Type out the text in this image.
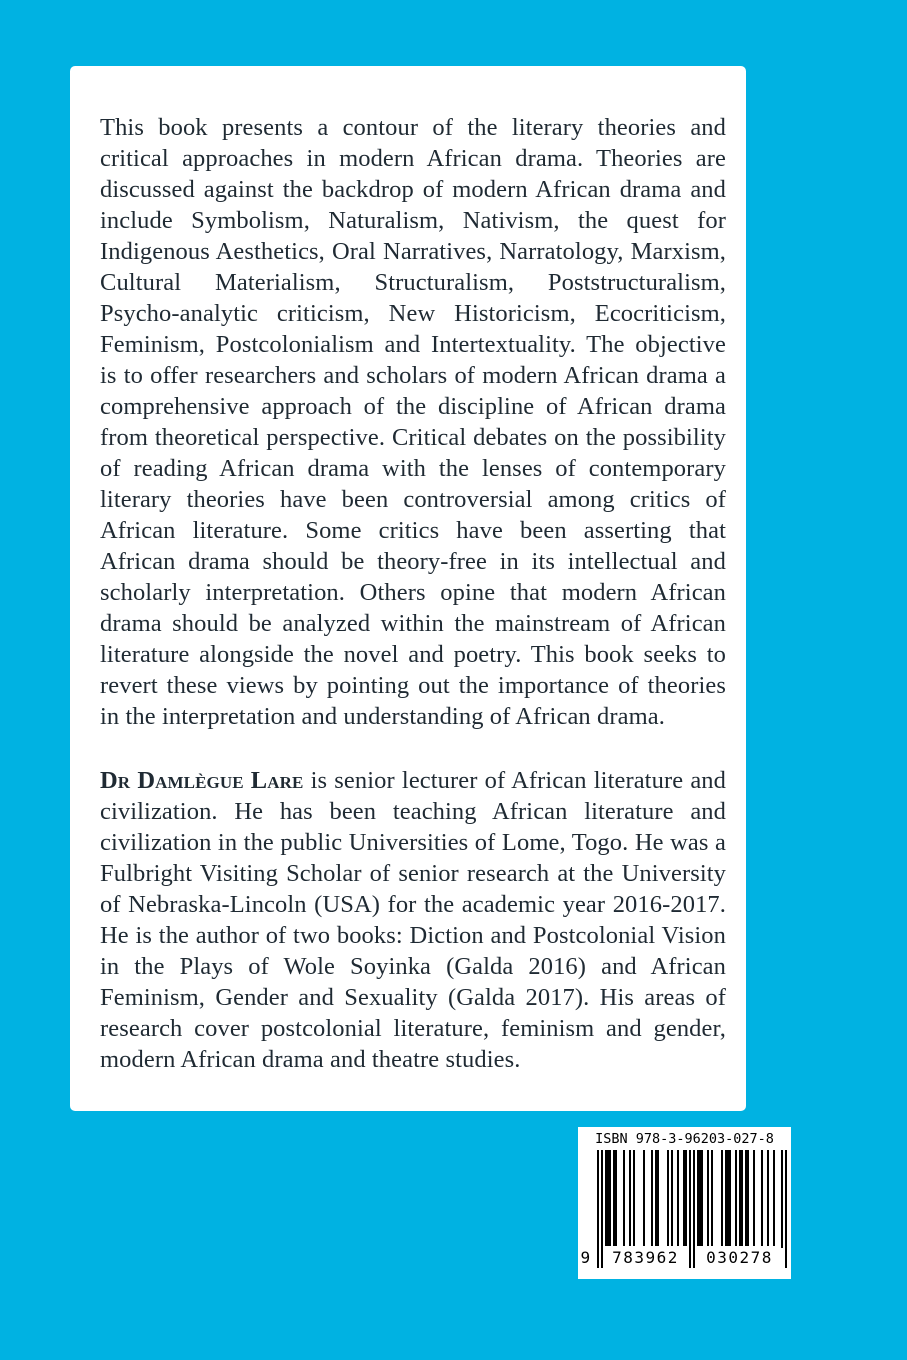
This book presents a contour of the literary theories and critical approaches in modern African drama. Theories are discussed against the backdrop of modern African drama and include Symbolism, Naturalism, Nativism, the quest for Indigenous Aesthetics, Oral Narratives, Narratology, Marxism, Cultural Materialism, Structuralism, Poststructuralism, Psycho-analytic criticism, New Historicism, Ecocriticism, Feminism, Postcolonialism and Intertextuality. The objective is to offer researchers and scholars of modern African drama a comprehensive approach of the discipline of African drama from theoretical perspective. Critical debates on the possibility of reading African drama with the lenses of contemporary literary theories have been controversial among critics of African literature. Some critics have been asserting that African drama should be theory-free in its intellectual and scholarly interpretation. Others opine that modern African drama should be analyzed within the mainstream of African literature alongside the novel and poetry. This book seeks to revert these views by pointing out the importance of theories in the interpretation and understanding of African drama.

Dr Damlègue Lare is senior lecturer of African literature and civilization. He has been teaching African literature and civilization in the public Universities of Lome, Togo. He was a Fulbright Visiting Scholar of senior research at the University of Nebraska-Lincoln (USA) for the academic year 2016-2017. He is the author of two books: Diction and Postcolonial Vision in the Plays of Wole Soyinka (Galda 2016) and African Feminism, Gender and Sexuality (Galda 2017). His areas of research cover postcolonial literature, feminism and gender, modern African drama and theatre studies.

ISBN 978-3-96203-027-8
9	783962	030278
